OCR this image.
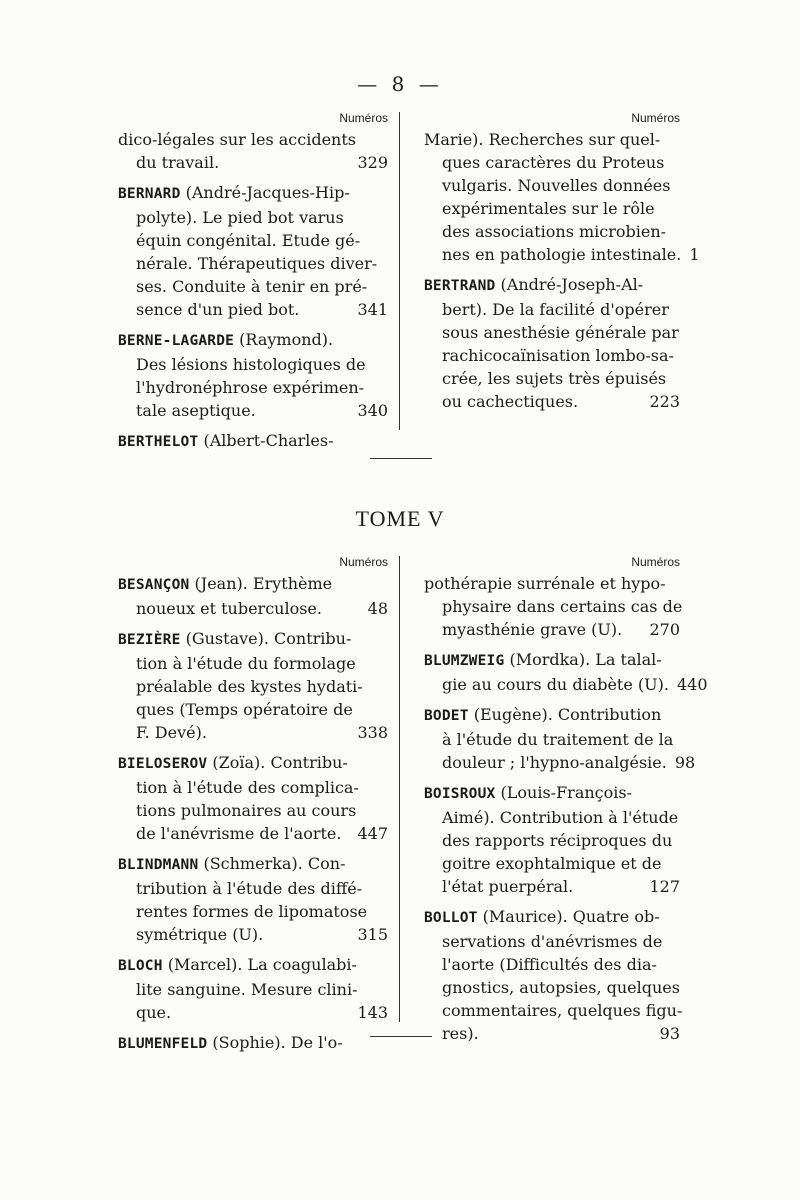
— 8 —
Numéros
dico-légales sur les accidents
du travail.	329
BERNARD (André-Jacques-Hip-
polyte). Le pied bot varus
équin congénital. Etude gé-
nérale. Thérapeutiques diver-
ses. Conduite à tenir en pré-
sence d'un pied bot.	341
BERNE-LAGARDE (Raymond).
Des lésions histologiques de
l'hydronéphrose expérimen-
tale aseptique.	340
BERTHELOT (Albert-Charles-
Numéros
Marie). Recherches sur quel-
ques caractères du Proteus
vulgaris. Nouvelles données
expérimentales sur le rôle
des associations microbien-
nes en pathologie intestinale. 1
BERTRAND (André-Joseph-Al-
bert). De la facilité d'opérer
sous anesthésie générale par
rachicocaïnisation lombo-sa-
crée, les sujets très épuisés
ou cachectiques.	223
TOME V
Numéros
BESANÇON (Jean). Erythème
noueux et tuberculose.	48
BEZIÈRE (Gustave). Contribu-
tion à l'étude du formolage
préalable des kystes hydati-
ques (Temps opératoire de
F. Devé).	338
BIELOSEROV (Zoïa). Contribu-
tion à l'étude des complica-
tions pulmonaires au cours
de l'anévrisme de l'aorte. 447
BLINDMANN (Schmerka). Con-
tribution à l'étude des diffé-
rentes formes de lipomatose
symétrique (U).	315
BLOCH (Marcel). La coagulabi-
lite sanguine. Mesure clini-
que.	143
BLUMENFELD (Sophie). De l'o-
Numéros
pothérapie surrénale et hypo-
physaire dans certains cas de
myasthénie grave (U).	270
BLUMZWEIG (Mordka). La talal-
gie au cours du diabète (U). 440
BODET (Eugène). Contribution
à l'étude du traitement de la
douleur ; l'hypno-analgésie. 98
BOISROUX (Louis-François-
Aimé). Contribution à l'étude
des rapports réciproques du
goitre exophtalmique et de
l'état puerpéral.	127
BOLLOT (Maurice). Quatre ob-
servations d'anévrismes de
l'aorte (Difficultés des dia-
gnostics, autopsies, quelques
commentaires, quelques figu-
res).	93
